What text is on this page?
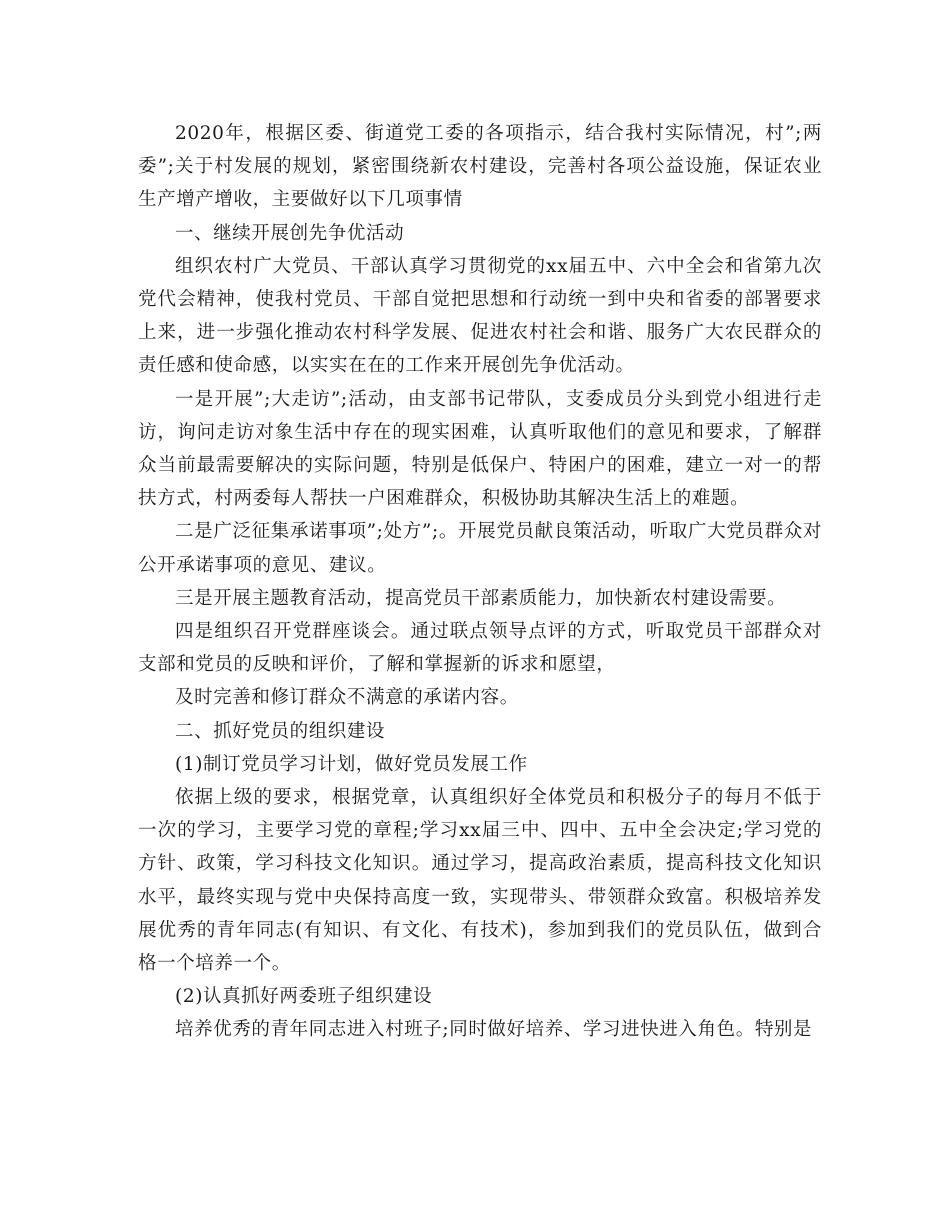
2020年，根据区委、街道党工委的各项指示，结合我村实际情况，村”;两委”;关于村发展的规划，紧密围绕新农村建设，完善村各项公益设施，保证农业生产增产增收，主要做好以下几项事情

一、继续开展创先争优活动

组织农村广大党员、干部认真学习贯彻党的xx届五中、六中全会和省第九次党代会精神，使我村党员、干部自觉把思想和行动统一到中央和省委的部署要求上来，进一步强化推动农村科学发展、促进农村社会和谐、服务广大农民群众的责任感和使命感，以实实在在的工作来开展创先争优活动。

一是开展”;大走访”;活动，由支部书记带队，支委成员分头到党小组进行走访，询问走访对象生活中存在的现实困难，认真听取他们的意见和要求，了解群众当前最需要解决的实际问题，特别是低保户、特困户的困难，建立一对一的帮扶方式，村两委每人帮扶一户困难群众，积极协助其解决生活上的难题。

二是广泛征集承诺事项”;处方”;。开展党员献良策活动，听取广大党员群众对公开承诺事项的意见、建议。

三是开展主题教育活动，提高党员干部素质能力，加快新农村建设需要。

四是组织召开党群座谈会。通过联点领导点评的方式，听取党员干部群众对支部和党员的反映和评价，了解和掌握新的诉求和愿望，

及时完善和修订群众不满意的承诺内容。

二、抓好党员的组织建设

(1)制订党员学习计划，做好党员发展工作

依据上级的要求，根据党章，认真组织好全体党员和积极分子的每月不低于一次的学习，主要学习党的章程;学习xx届三中、四中、五中全会决定;学习党的方针、政策，学习科技文化知识。通过学习，提高政治素质，提高科技文化知识水平，最终实现与党中央保持高度一致，实现带头、带领群众致富。积极培养发展优秀的青年同志(有知识、有文化、有技术)，参加到我们的党员队伍，做到合格一个培养一个。

(2)认真抓好两委班子组织建设

培养优秀的青年同志进入村班子;同时做好培养、学习进快进入角色。特别是
